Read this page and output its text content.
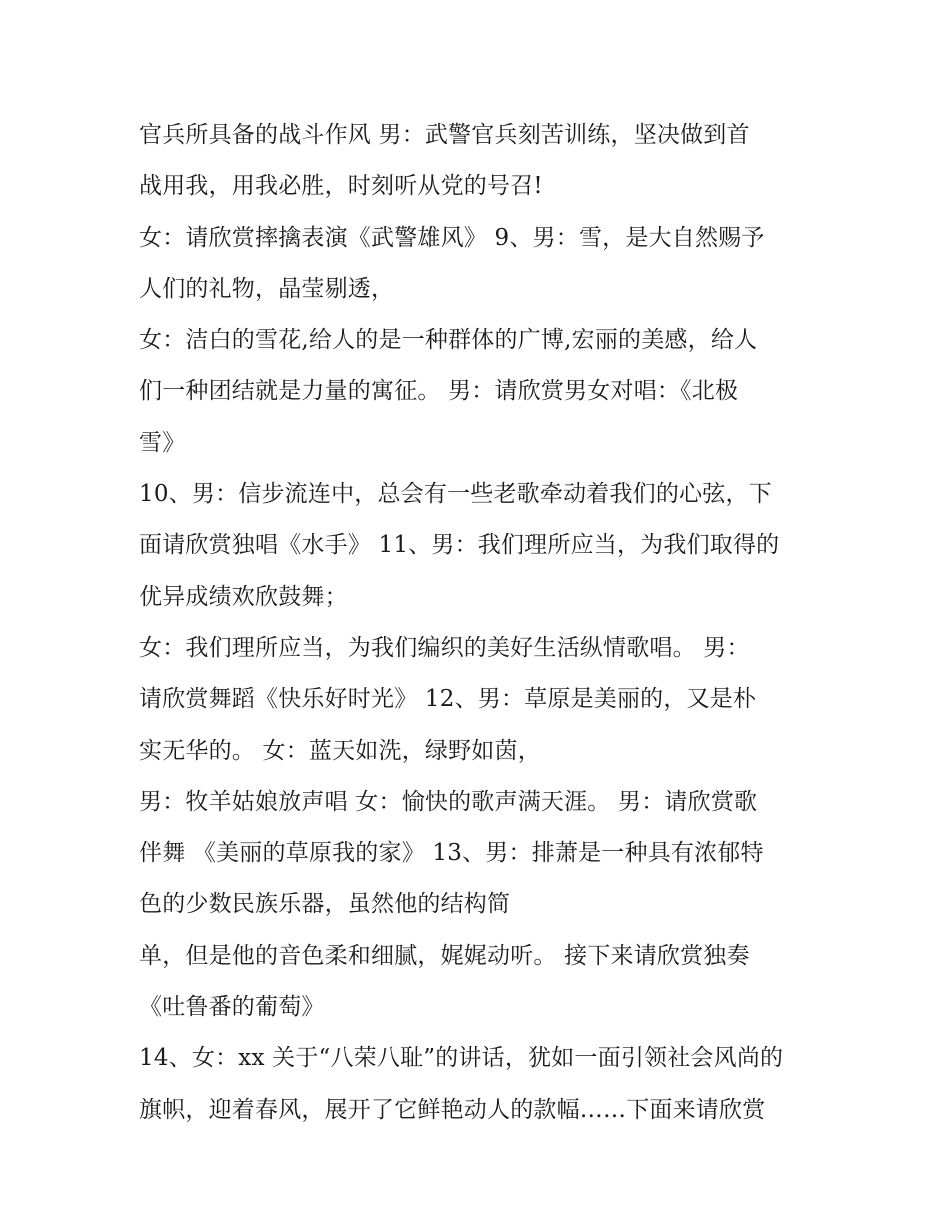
官兵所具备的战斗作风 男：武警官兵刻苦训练，坚决做到首
战用我，用我必胜，时刻听从党的号召!
女：请欣赏摔擒表演《武警雄风》 9、男：雪，是大自然赐予
人们的礼物，晶莹剔透，
女：洁白的雪花,给人的是一种群体的广博,宏丽的美感，给人
们一种团结就是力量的寓征。 男：请欣赏男女对唱：《北极
雪》
10、男：信步流连中，总会有一些老歌牵动着我们的心弦，下
面请欣赏独唱《水手》 11、男：我们理所应当，为我们取得的
优异成绩欢欣鼓舞；
女：我们理所应当，为我们编织的美好生活纵情歌唱。 男：
请欣赏舞蹈《快乐好时光》 12、男：草原是美丽的，又是朴
实无华的。 女：蓝天如洗，绿野如茵，
男：牧羊姑娘放声唱 女：愉快的歌声满天涯。 男：请欣赏歌
伴舞 《美丽的草原我的家》 13、男：排萧是一种具有浓郁特
色的少数民族乐器，虽然他的结构简
单，但是他的音色柔和细腻，娓娓动听。 接下来请欣赏独奏
《吐鲁番的葡萄》
14、女：xx 关于“八荣八耻”的讲话，犹如一面引领社会风尚的
旗帜，迎着春风，展开了它鲜艳动人的款幅……下面来请欣赏
